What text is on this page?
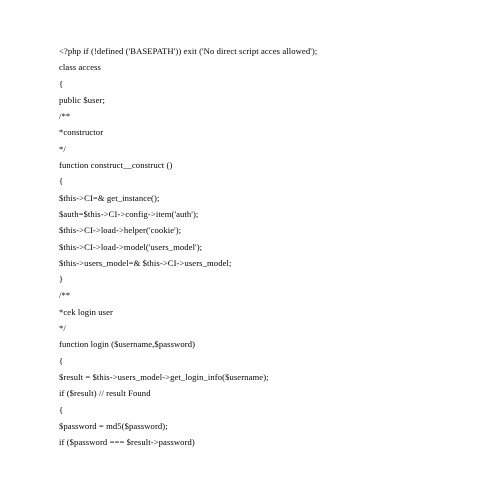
<?php if (!defined ('BASEPATH')) exit ('No direct script acces allowed');
class access
{
public $user;
/**
*constructor
*/
function construct__construct ()
{
$this->CI=& get_instance();
$auth=$this->CI->config->item('auth');
$this->CI->load->helper('cookie');
$this->CI->load->model('users_model');
$this->users_model=& $this->CI->users_model;
}
/**
*cek login user
*/
function login ($username,$password)
{
$result = $this->users_model->get_login_info($username);
if ($result) // result Found
{
$password = md5($password);
if ($password === $result->password)
